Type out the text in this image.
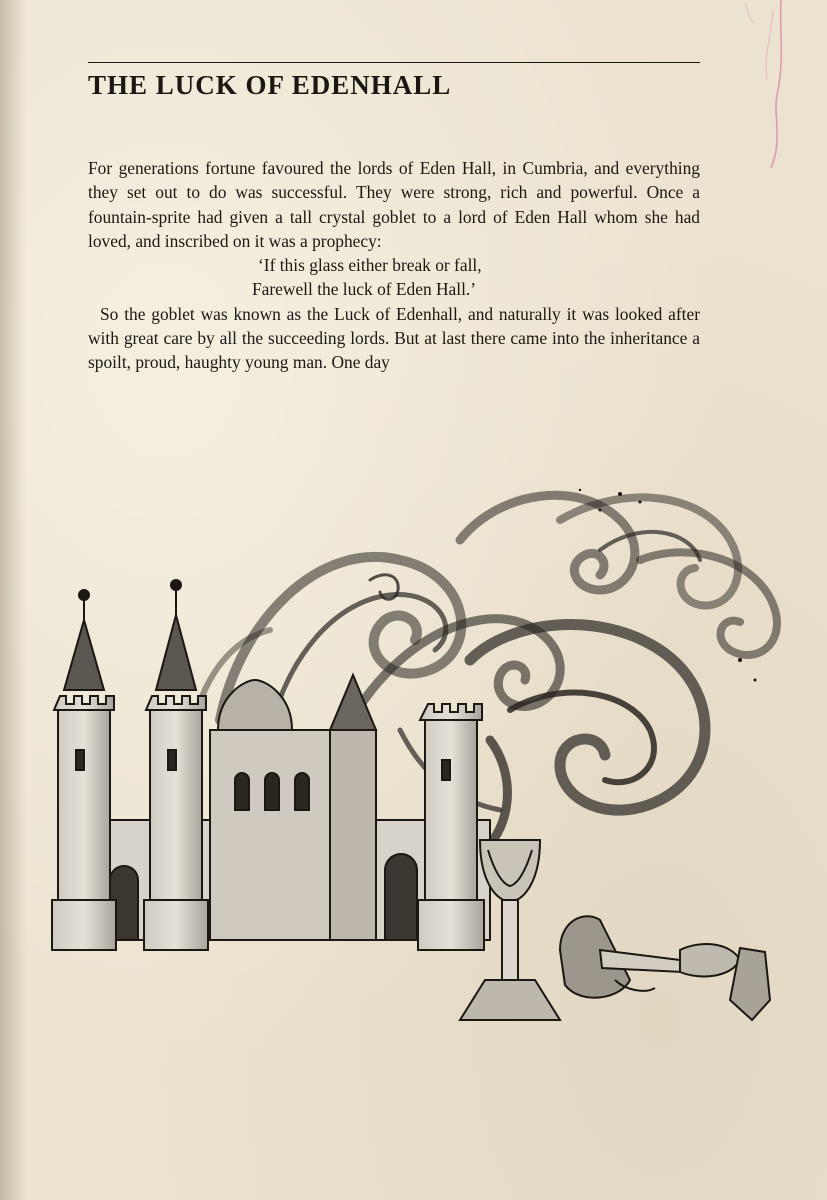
THE LUCK OF EDENHALL

For generations fortune favoured the lords of Eden Hall, in Cumbria, and everything they set out to do was successful. They were strong, rich and powerful. Once a fountain-sprite had given a tall crystal goblet to a lord of Eden Hall whom she had loved, and inscribed on it was a prophecy:

‘If this glass either break or fall,
Farewell the luck of Eden Hall.’

So the goblet was known as the Luck of Edenhall, and naturally it was looked after with great care by all the succeeding lords. But at last there came into the inheritance a spoilt, proud, haughty young man. One day
